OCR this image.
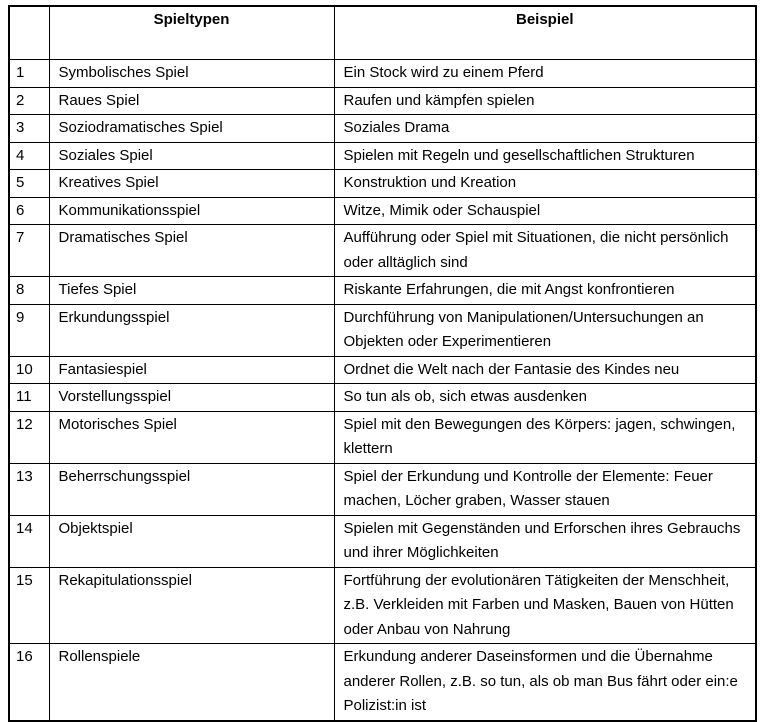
	Spieltypen	Beispiel
1	Symbolisches Spiel	Ein Stock wird zu einem Pferd
2	Raues Spiel	Raufen und kämpfen spielen
3	Soziodramatisches Spiel	Soziales Drama
4	Soziales Spiel	Spielen mit Regeln und gesellschaftlichen Strukturen
5	Kreatives Spiel	Konstruktion und Kreation
6	Kommunikationsspiel	Witze, Mimik oder Schauspiel
7	Dramatisches Spiel	Aufführung oder Spiel mit Situationen, die nicht persönlich oder alltäglich sind
8	Tiefes Spiel	Riskante Erfahrungen, die mit Angst konfrontieren
9	Erkundungsspiel	Durchführung von Manipulationen/Untersuchungen an Objekten oder Experimentieren
10	Fantasiespiel	Ordnet die Welt nach der Fantasie des Kindes neu
11	Vorstellungsspiel	So tun als ob, sich etwas ausdenken
12	Motorisches Spiel	Spiel mit den Bewegungen des Körpers: jagen, schwingen, klettern
13	Beherrschungsspiel	Spiel der Erkundung und Kontrolle der Elemente: Feuer machen, Löcher graben, Wasser stauen
14	Objektspiel	Spielen mit Gegenständen und Erforschen ihres Gebrauchs und ihrer Möglichkeiten
15	Rekapitulationsspiel	Fortführung der evolutionären Tätigkeiten der Menschheit, z.B. Verkleiden mit Farben und Masken, Bauen von Hütten oder Anbau von Nahrung
16	Rollenspiele	Erkundung anderer Daseinsformen und die Übernahme anderer Rollen, z.B. so tun, als ob man Bus fährt oder ein:e Polizist:in ist
